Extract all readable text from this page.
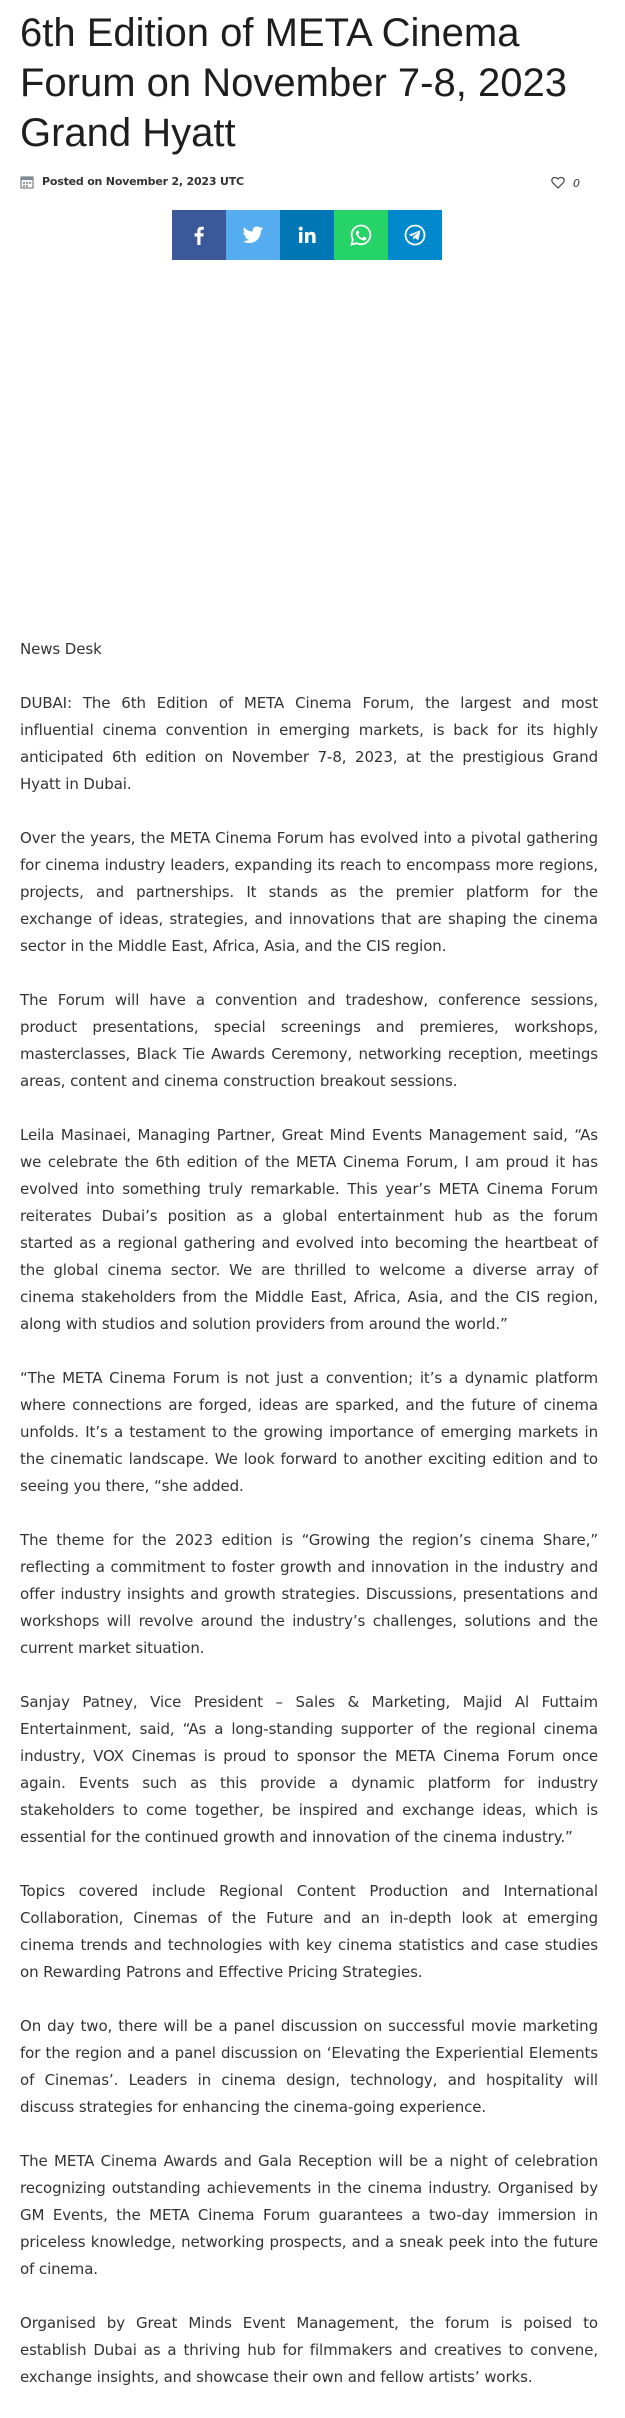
6th Edition of META Cinema Forum on November 7-8, 2023 Grand Hyatt
Posted on November 2, 2023 UTC	0

News Desk

DUBAI: The 6th Edition of META Cinema Forum, the largest and most influential cinema convention in emerging markets, is back for its highly anticipated 6th edition on November 7-8, 2023, at the prestigious Grand Hyatt in Dubai.

Over the years, the META Cinema Forum has evolved into a pivotal gathering for cinema industry leaders, expanding its reach to encompass more regions, projects, and partnerships. It stands as the premier platform for the exchange of ideas, strategies, and innovations that are shaping the cinema sector in the Middle East, Africa, Asia, and the CIS region.

The Forum will have a convention and tradeshow, conference sessions, product presentations, special screenings and premieres, workshops, masterclasses, Black Tie Awards Ceremony, networking reception, meetings areas, content and cinema construction breakout sessions.

Leila Masinaei, Managing Partner, Great Mind Events Management said, “As we celebrate the 6th edition of the META Cinema Forum, I am proud it has evolved into something truly remarkable. This year’s META Cinema Forum reiterates Dubai’s position as a global entertainment hub as the forum started as a regional gathering and evolved into becoming the heartbeat of the global cinema sector. We are thrilled to welcome a diverse array of cinema stakeholders from the Middle East, Africa, Asia, and the CIS region, along with studios and solution providers from around the world.”

“The META Cinema Forum is not just a convention; it’s a dynamic platform where connections are forged, ideas are sparked, and the future of cinema unfolds. It’s a testament to the growing importance of emerging markets in the cinematic landscape. We look forward to another exciting edition and to seeing you there, “she added.

The theme for the 2023 edition is “Growing the region’s cinema Share,” reflecting a commitment to foster growth and innovation in the industry and offer industry insights and growth strategies. Discussions, presentations and workshops will revolve around the industry’s challenges, solutions and the current market situation.

Sanjay Patney, Vice President – Sales & Marketing, Majid Al Futtaim Entertainment, said, “As a long-standing supporter of the regional cinema industry, VOX Cinemas is proud to sponsor the META Cinema Forum once again. Events such as this provide a dynamic platform for industry stakeholders to come together, be inspired and exchange ideas, which is essential for the continued growth and innovation of the cinema industry.”

Topics covered include Regional Content Production and International Collaboration, Cinemas of the Future and an in-depth look at emerging cinema trends and technologies with key cinema statistics and case studies on Rewarding Patrons and Effective Pricing Strategies.

On day two, there will be a panel discussion on successful movie marketing for the region and a panel discussion on ‘Elevating the Experiential Elements of Cinemas’. Leaders in cinema design, technology, and hospitality will discuss strategies for enhancing the cinema-going experience.

The META Cinema Awards and Gala Reception will be a night of celebration recognizing outstanding achievements in the cinema industry. Organised by GM Events, the META Cinema Forum guarantees a two-day immersion in priceless knowledge, networking prospects, and a sneak peek into the future of cinema.

Organised by Great Minds Event Management, the forum is poised to establish Dubai as a thriving hub for filmmakers and creatives to convene, exchange insights, and showcase their own and fellow artists’ works.
